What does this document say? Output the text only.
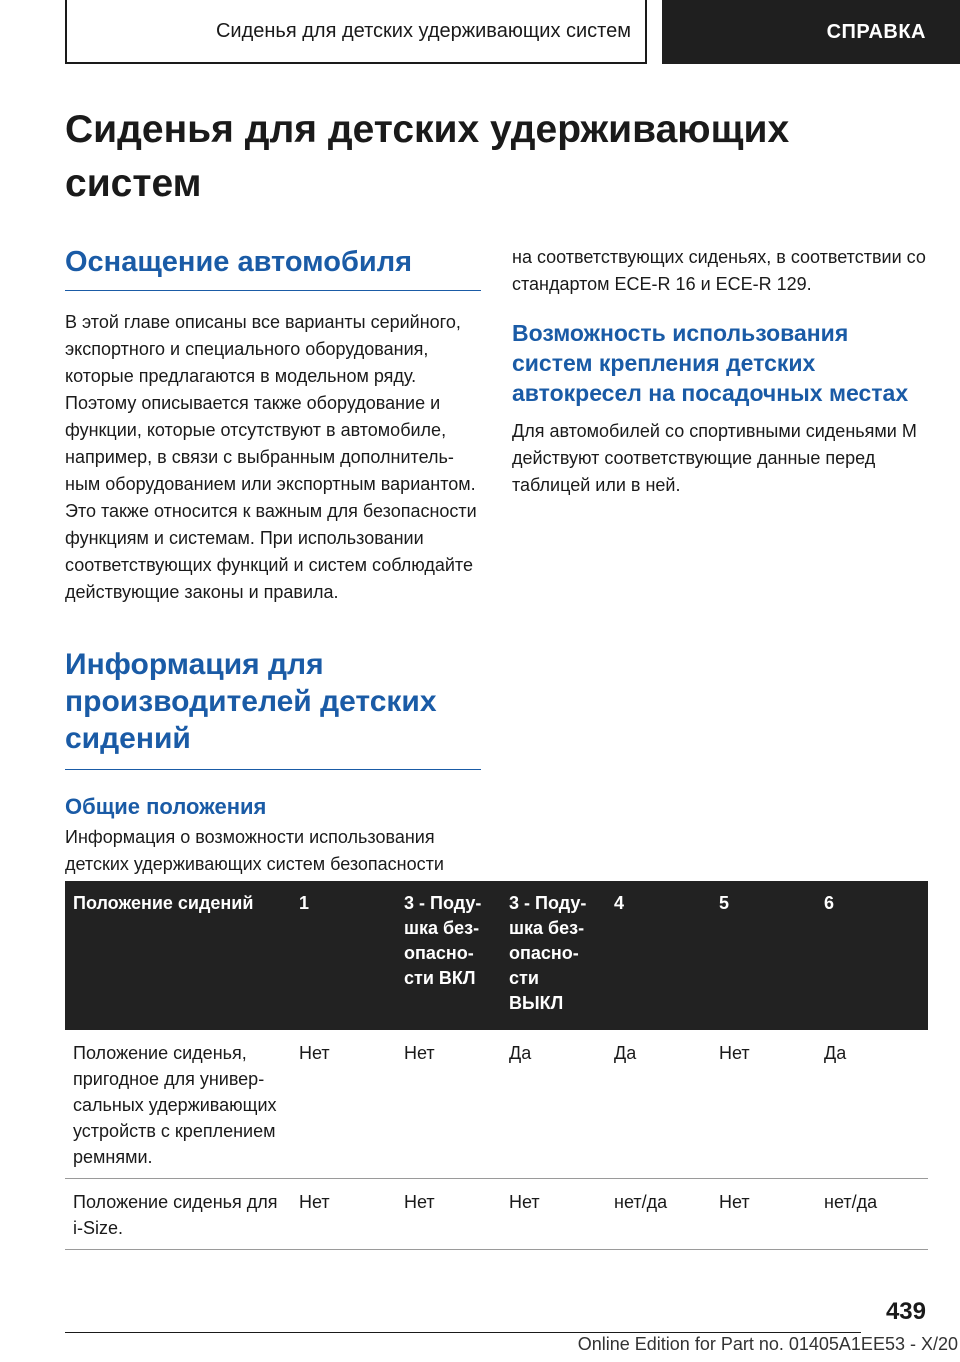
Сиденья для детских удерживающих систем	СПРАВКА
Сиденья для детских удерживающих систем
Оснащение автомобиля

В этой главе описаны все варианты серийного, экспортного и специального оборудования, которые предлагаются в модельном ряду. Поэтому описывается также оборудование и функции, которые отсутствуют в автомобиле, например, в связи с выбранным дополнительным оборудованием или экспортным вариантом. Это также относится к важным для безопасности функциям и системам. При использовании соответствующих функций и систем соблюдайте действующие законы и правила.

Информация для производителей детских сидений
Общие положения

Информация о возможности использования детских удерживающих систем безопасности

на соответствующих сиденьях, в соответствии со стандартом ECE-R 16 и ECE-R 129.

Возможность использования систем крепления детских автокресел на посадочных местах

Для автомобилей со спортивными сиденьями M действуют соответствующие данные перед таблицей или в ней.

Положение сидений	1	3 - Подушка безопасности ВКЛ	3 - Подушка безопасности ВЫКЛ	4	5	6
Положение сиденья, пригодное для универсальных удерживающих устройств с креплением ремнями.	Нет	Нет	Да	Да	Нет	Да
Положение сиденья для i-Size.	Нет	Нет	Нет	нет/да	Нет	нет/да
439
Online Edition for Part no. 01405A1EE53 - X/20
